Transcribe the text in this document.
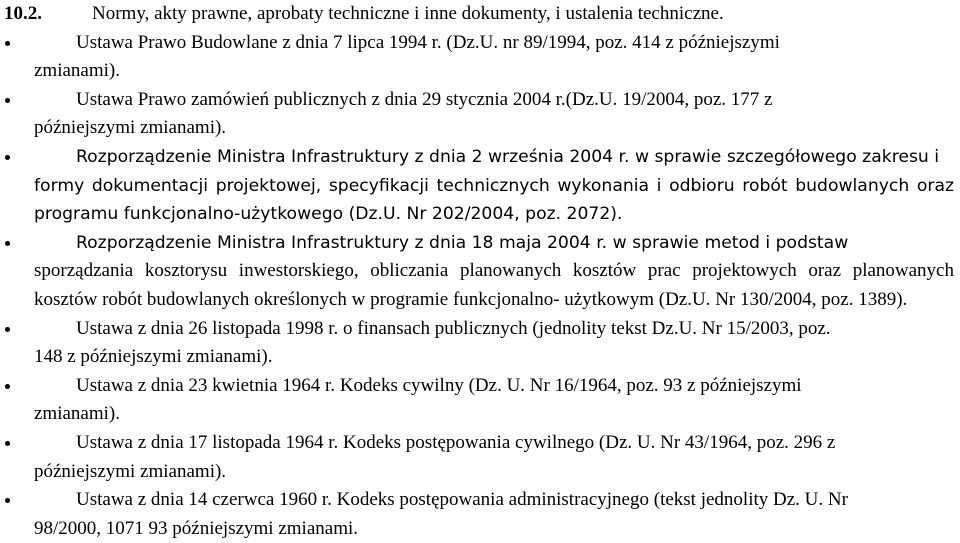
10.2.	Normy, akty prawne, aprobaty techniczne i inne dokumenty, i ustalenia techniczne.
Ustawa Prawo Budowlane z dnia 7 lipca 1994 r. (Dz.U. nr 89/1994, poz. 414 z późniejszymi
zmianami).
Ustawa Prawo zamówień publicznych z dnia 29 stycznia 2004 r.(Dz.U. 19/2004, poz. 177 z
późniejszymi zmianami).
Rozporządzenie Ministra Infrastruktury z dnia 2 września 2004 r. w sprawie szczegółowego zakresu i
formy dokumentacji projektowej, specyfikacji technicznych wykonania i odbioru robót budowlanych oraz programu funkcjonalno-użytkowego (Dz.U. Nr 202/2004, poz. 2072).
Rozporządzenie Ministra Infrastruktury z dnia 18 maja 2004 r. w sprawie metod i podstaw
sporządzania kosztorysu inwestorskiego, obliczania planowanych kosztów prac projektowych oraz planowanych kosztów robót budowlanych określonych w programie funkcjonalno- użytkowym (Dz.U. Nr 130/2004, poz. 1389).
Ustawa z dnia 26 listopada 1998 r. o finansach publicznych (jednolity tekst Dz.U. Nr 15/2003, poz.
148 z późniejszymi zmianami).
Ustawa z dnia 23 kwietnia 1964 r. Kodeks cywilny (Dz. U. Nr 16/1964, poz. 93 z późniejszymi
zmianami).
Ustawa z dnia 17 listopada 1964 r. Kodeks postępowania cywilnego (Dz. U. Nr 43/1964, poz. 296 z
późniejszymi zmianami).
Ustawa z dnia 14 czerwca 1960 r. Kodeks postępowania administracyjnego (tekst jednolity Dz. U. Nr
98/2000, 1071 93 późniejszymi zmianami.
